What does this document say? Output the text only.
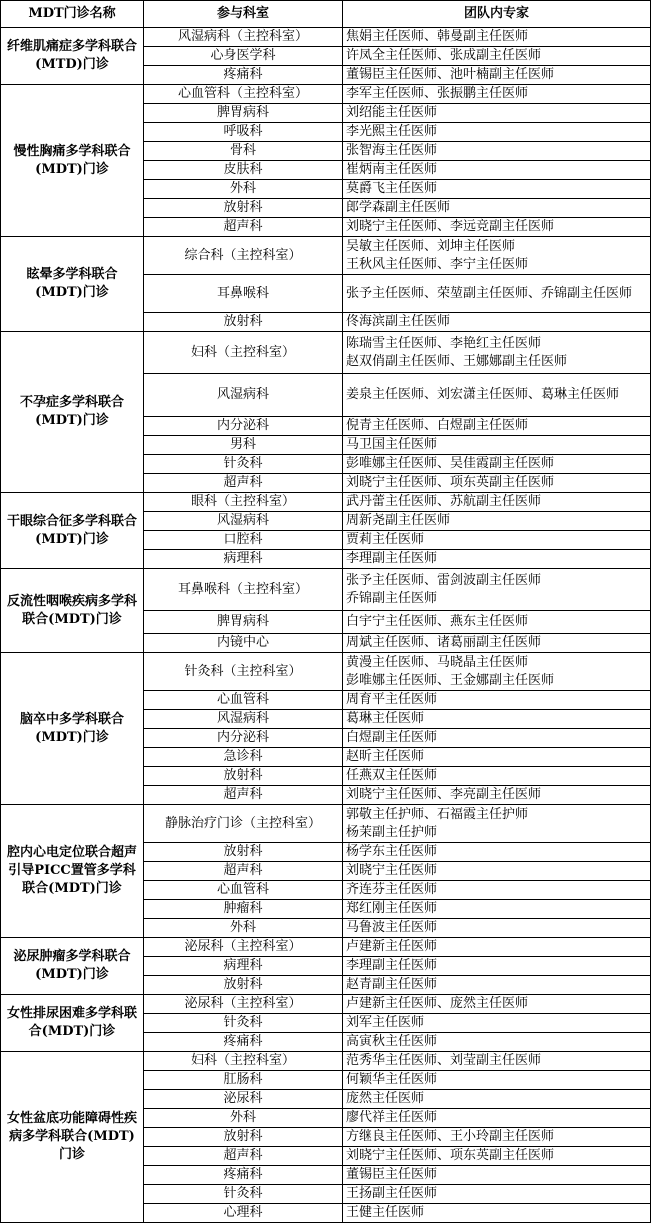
MDT门诊名称	参与科室	团队内专家
纤维肌痛症多学科联合(MTD)门诊	风湿病科（主控科室）	焦娟主任医师、韩曼副主任医师
	心身医学科	许凤全主任医师、张成副主任医师
	疼痛科	董锡臣主任医师、池叶楠副主任医师
慢性胸痛多学科联合(MDT)门诊	心血管科（主控科室）	李军主任医师、张振鹏主任医师
	脾胃病科	刘绍能主任医师
	呼吸科	李光熙主任医师
	骨科	张智海主任医师
	皮肤科	崔炳南主任医师
	外科	莫爵飞主任医师
	放射科	郎学森副主任医师
	超声科	刘晓宁主任医师、李远竞副主任医师
眩晕多学科联合(MDT)门诊	综合科（主控科室）	吴敏主任医师、刘坤主任医师
王秋风主任医师、李宁主任医师
	耳鼻喉科	张予主任医师、荣堃副主任医师、乔锦副主任医师
	放射科	佟海滨副主任医师
不孕症多学科联合(MDT)门诊	妇科（主控科室）	陈瑞雪主任医师、李艳红主任医师
赵双俏副主任医师、王娜娜副主任医师
	风湿病科	姜泉主任医师、刘宏潇主任医师、葛琳主任医师
	内分泌科	倪青主任医师、白煜副主任医师
	男科	马卫国主任医师
	针灸科	彭唯娜主任医师、吴佳霞副主任医师
	超声科	刘晓宁主任医师、项东英副主任医师
干眼综合征多学科联合(MDT)门诊	眼科（主控科室）	武丹蕾主任医师、苏航副主任医师
	风湿病科	周新尧副主任医师
	口腔科	贾莉主任医师
	病理科	李理副主任医师
反流性咽喉疾病多学科联合(MDT)门诊	耳鼻喉科（主控科室）	张予主任医师、雷剑波副主任医师
乔锦副主任医师
	脾胃病科	白宇宁主任医师、燕东主任医师
	内镜中心	周斌主任医师、诸葛丽副主任医师
脑卒中多学科联合(MDT)门诊	针灸科（主控科室）	黄漫主任医师、马晓晶主任医师
彭唯娜主任医师、王金娜副主任医师
	心血管科	周育平主任医师
	风湿病科	葛琳主任医师
	内分泌科	白煜副主任医师
	急诊科	赵昕主任医师
	放射科	任燕双主任医师
	超声科	刘晓宁主任医师、李亮副主任医师
腔内心电定位联合超声引导PICC置管多学科联合(MDT)门诊	静脉治疗门诊（主控科室）	郭敬主任护师、石福霞主任护师
杨茉副主任护师
	放射科	杨学东主任医师
	超声科	刘晓宁主任医师
	心血管科	齐连芬主任医师
	肿瘤科	郑红刚主任医师
	外科	马鲁波主任医师
泌尿肿瘤多学科联合(MDT)门诊	泌尿科（主控科室）	卢建新主任医师
	病理科	李理副主任医师
	放射科	赵青副主任医师
女性排尿困难多学科联合(MDT)门诊	泌尿科（主控科室）	卢建新主任医师、庞然主任医师
	针灸科	刘军主任医师
	疼痛科	高寅秋主任医师
女性盆底功能障碍性疾病多学科联合(MDT)门诊	妇科（主控科室）	范秀华主任医师、刘莹副主任医师
	肛肠科	何颖华主任医师
	泌尿科	庞然主任医师
	外科	廖代祥主任医师
	放射科	方继良主任医师、王小玲副主任医师
	超声科	刘晓宁主任医师、项东英副主任医师
	疼痛科	董锡臣主任医师
	针灸科	王扬副主任医师
	心理科	王健主任医师
